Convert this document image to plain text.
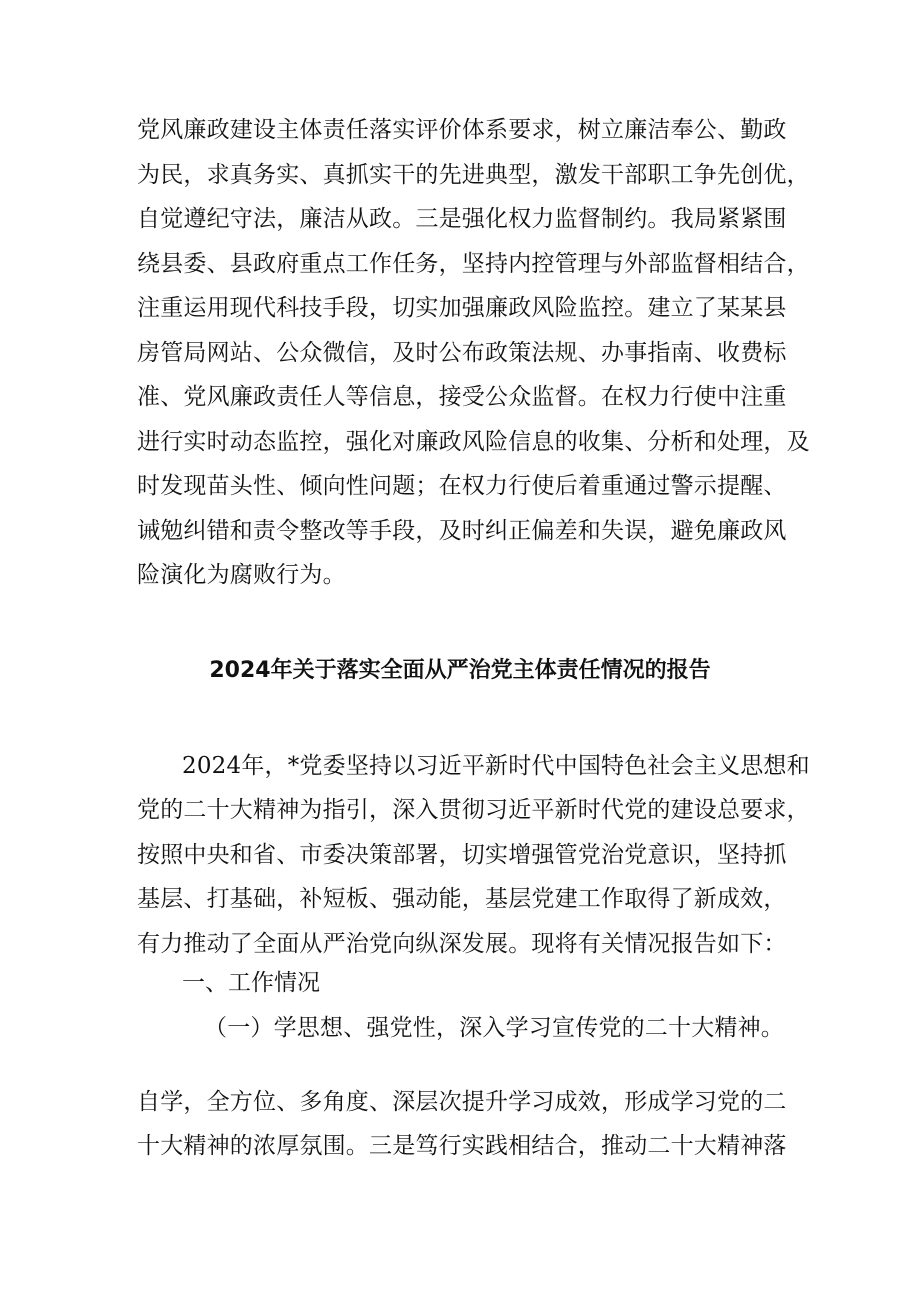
党风廉政建设主体责任落实评价体系要求，树立廉洁奉公、勤政
为民，求真务实、真抓实干的先进典型，激发干部职工争先创优，
自觉遵纪守法，廉洁从政。三是强化权力监督制约。我局紧紧围
绕县委、县政府重点工作任务，坚持内控管理与外部监督相结合，
注重运用现代科技手段，切实加强廉政风险监控。建立了某某县
房管局网站、公众微信，及时公布政策法规、办事指南、收费标
准、党风廉政责任人等信息，接受公众监督。在权力行使中注重
进行实时动态监控，强化对廉政风险信息的收集、分析和处理，及
时发现苗头性、倾向性问题；在权力行使后着重通过警示提醒、
诫勉纠错和责令整改等手段，及时纠正偏差和失误，避免廉政风
险演化为腐败行为。
2024年关于落实全面从严治党主体责任情况的报告
2024年，*党委坚持以习近平新时代中国特色社会主义思想和
党的二十大精神为指引，深入贯彻习近平新时代党的建设总要求，
按照中央和省、市委决策部署，切实增强管党治党意识，坚持抓
基层、打基础，补短板、强动能，基层党建工作取得了新成效，
有力推动了全面从严治党向纵深发展。现将有关情况报告如下：
一、工作情况
（一）学思想、强党性，深入学习宣传党的二十大精神。
自学，全方位、多角度、深层次提升学习成效，形成学习党的二
十大精神的浓厚氛围。三是笃行实践相结合，推动二十大精神落
